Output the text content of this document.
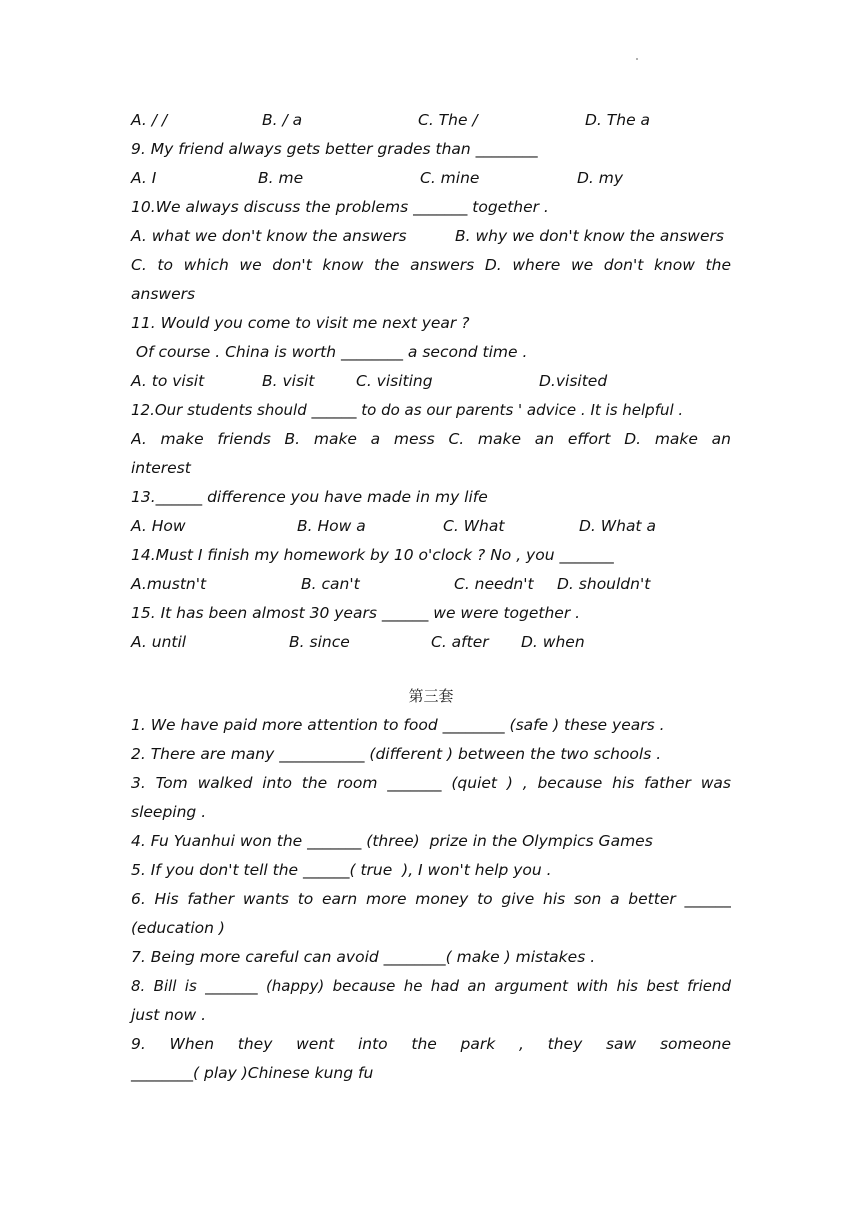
A. / /	B. / a	C. The /	D. The a
9. My friend always gets better grades than ________
A. I	B. me	C. mine	D. my
10.We always discuss the problems _______ together .
A. what we don't know the answers	B. why we don't know the answers
C. to which we don't know the answers D. where we don't know the
answers
11. Would you come to visit me next year ?
Of course . China is worth ________ a second time .
A. to visit	B. visit	C. visiting	D.visited
12.Our students should ______ to do as our parents ' advice . It is helpful .
A. make friends B. make a mess C. make an effort D. make an
interest
13.______ difference you have made in my life
A. How	B. How a	C. What	D. What a
14.Must I finish my homework by 10 o'clock ? No , you _______
A.mustn't	B. can't	C. needn't D. shouldn't
15. It has been almost 30 years ______ we were together .
A. until	B. since	C. after D. when
第三套
1. We have paid more attention to food ________ (safe ) these years .
2. There are many ___________ (different ) between the two schools .
3. Tom walked into the room _______ (quiet ) , because his father was
sleeping .
4. Fu Yuanhui won the _______ (three)  prize in the Olympics Games
5. If you don't tell the ______( true  ), I won't help you .
6. His father wants to earn more money to give his son a better ______
(education )
7. Being more careful can avoid ________( make ) mistakes .
8. Bill is _______ (happy) because he had an argument with his best friend
just now .
9. When they went into the park , they saw someone
________( play )Chinese kung fu
